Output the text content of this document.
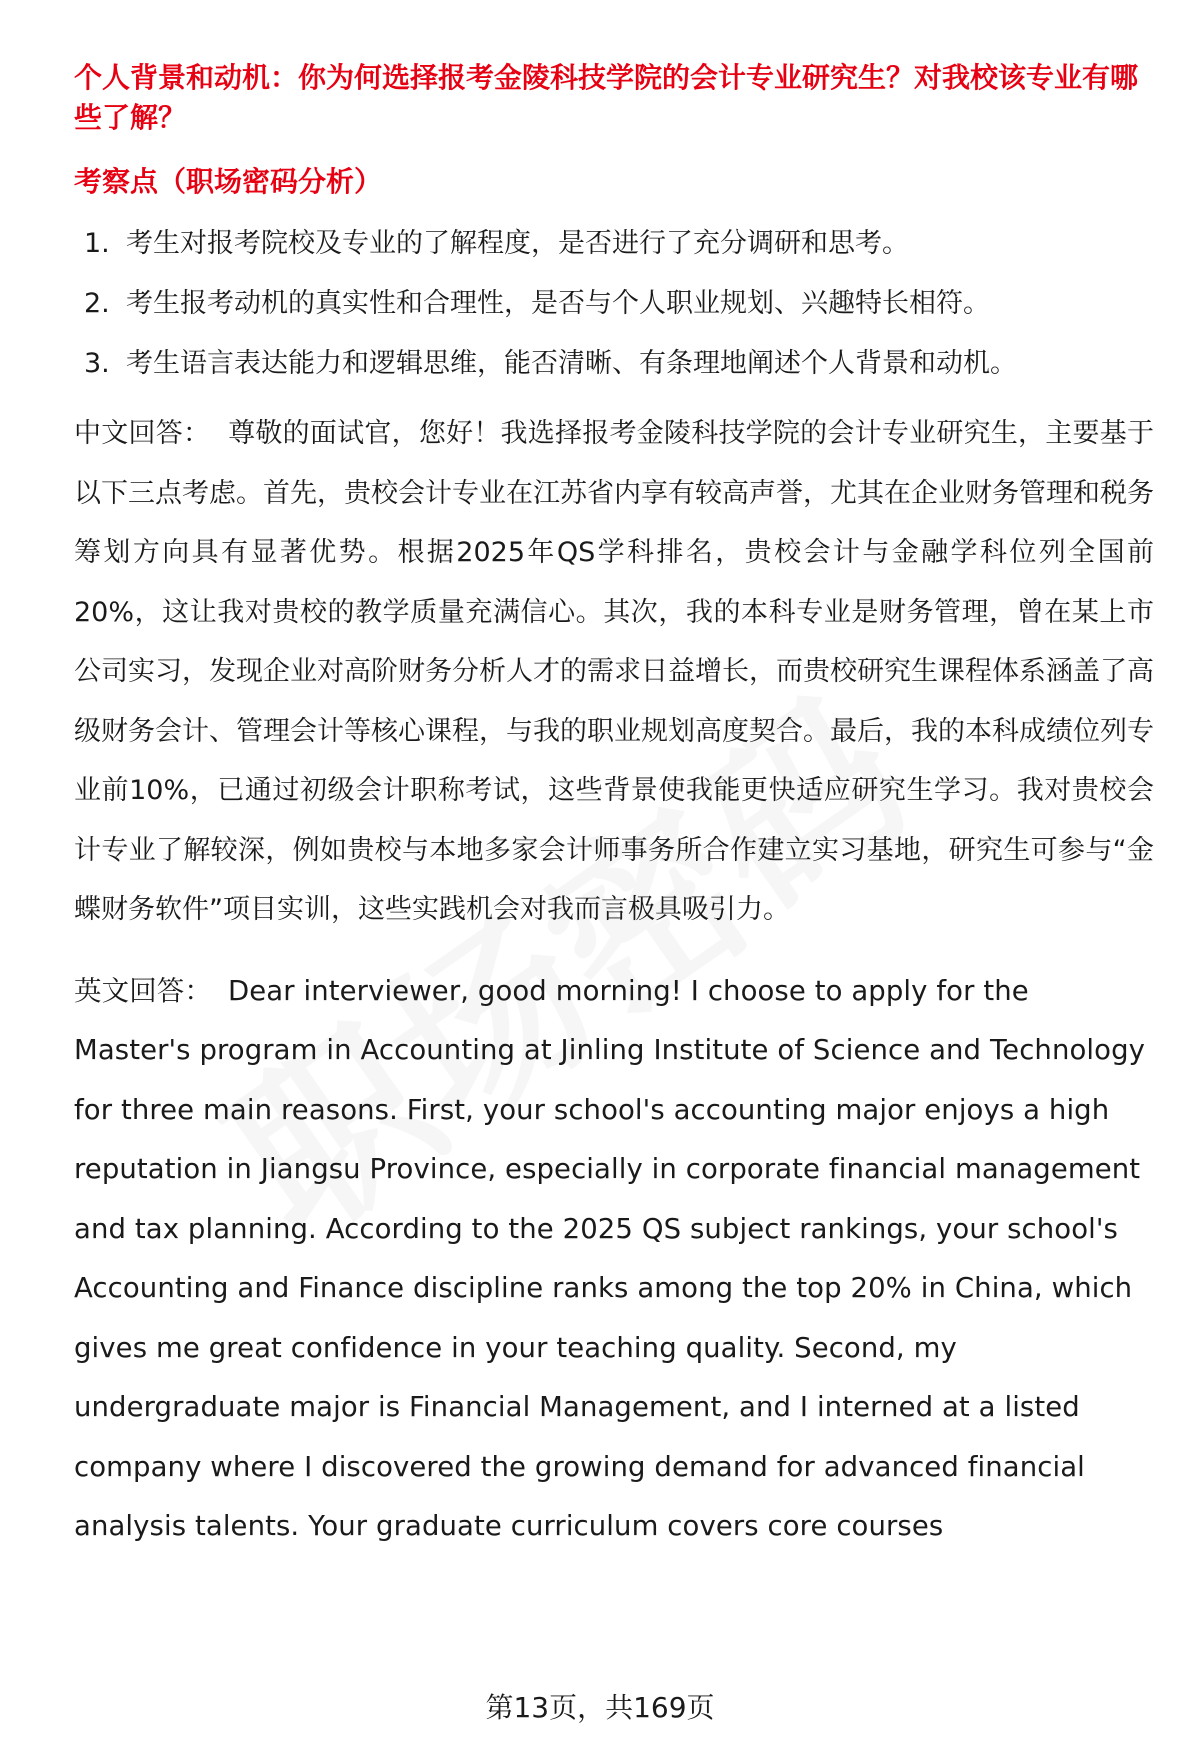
个人背景和动机：你为何选择报考金陵科技学院的会计专业研究生？对我校该专业有哪些了解？
考察点（职场密码分析）
1. 考生对报考院校及专业的了解程度，是否进行了充分调研和思考。
2. 考生报考动机的真实性和合理性，是否与个人职业规划、兴趣特长相符。
3. 考生语言表达能力和逻辑思维，能否清晰、有条理地阐述个人背景和动机。

中文回答： 尊敬的面试官，您好！我选择报考金陵科技学院的会计专业研究生，主要基于以下三点考虑。首先，贵校会计专业在江苏省内享有较高声誉，尤其在企业财务管理和税务筹划方向具有显著优势。根据2025年QS学科排名，贵校会计与金融学科位列全国前20%，这让我对贵校的教学质量充满信心。其次，我的本科专业是财务管理，曾在某上市公司实习，发现企业对高阶财务分析人才的需求日益增长，而贵校研究生课程体系涵盖了高级财务会计、管理会计等核心课程，与我的职业规划高度契合。最后，我的本科成绩位列专业前10%，已通过初级会计职称考试，这些背景使我能更快适应研究生学习。我对贵校会计专业了解较深，例如贵校与本地多家会计师事务所合作建立实习基地，研究生可参与“金蝶财务软件”项目实训，这些实践机会对我而言极具吸引力。

英文回答： Dear interviewer, good morning! I choose to apply for the Master's program in Accounting at Jinling Institute of Science and Technology for three main reasons. First, your school's accounting major enjoys a high reputation in Jiangsu Province, especially in corporate financial management and tax planning. According to the 2025 QS subject rankings, your school's Accounting and Finance discipline ranks among the top 20% in China, which gives me great confidence in your teaching quality. Second, my undergraduate major is Financial Management, and I interned at a listed company where I discovered the growing demand for advanced financial analysis talents. Your graduate curriculum covers core courses

第13页，共169页
